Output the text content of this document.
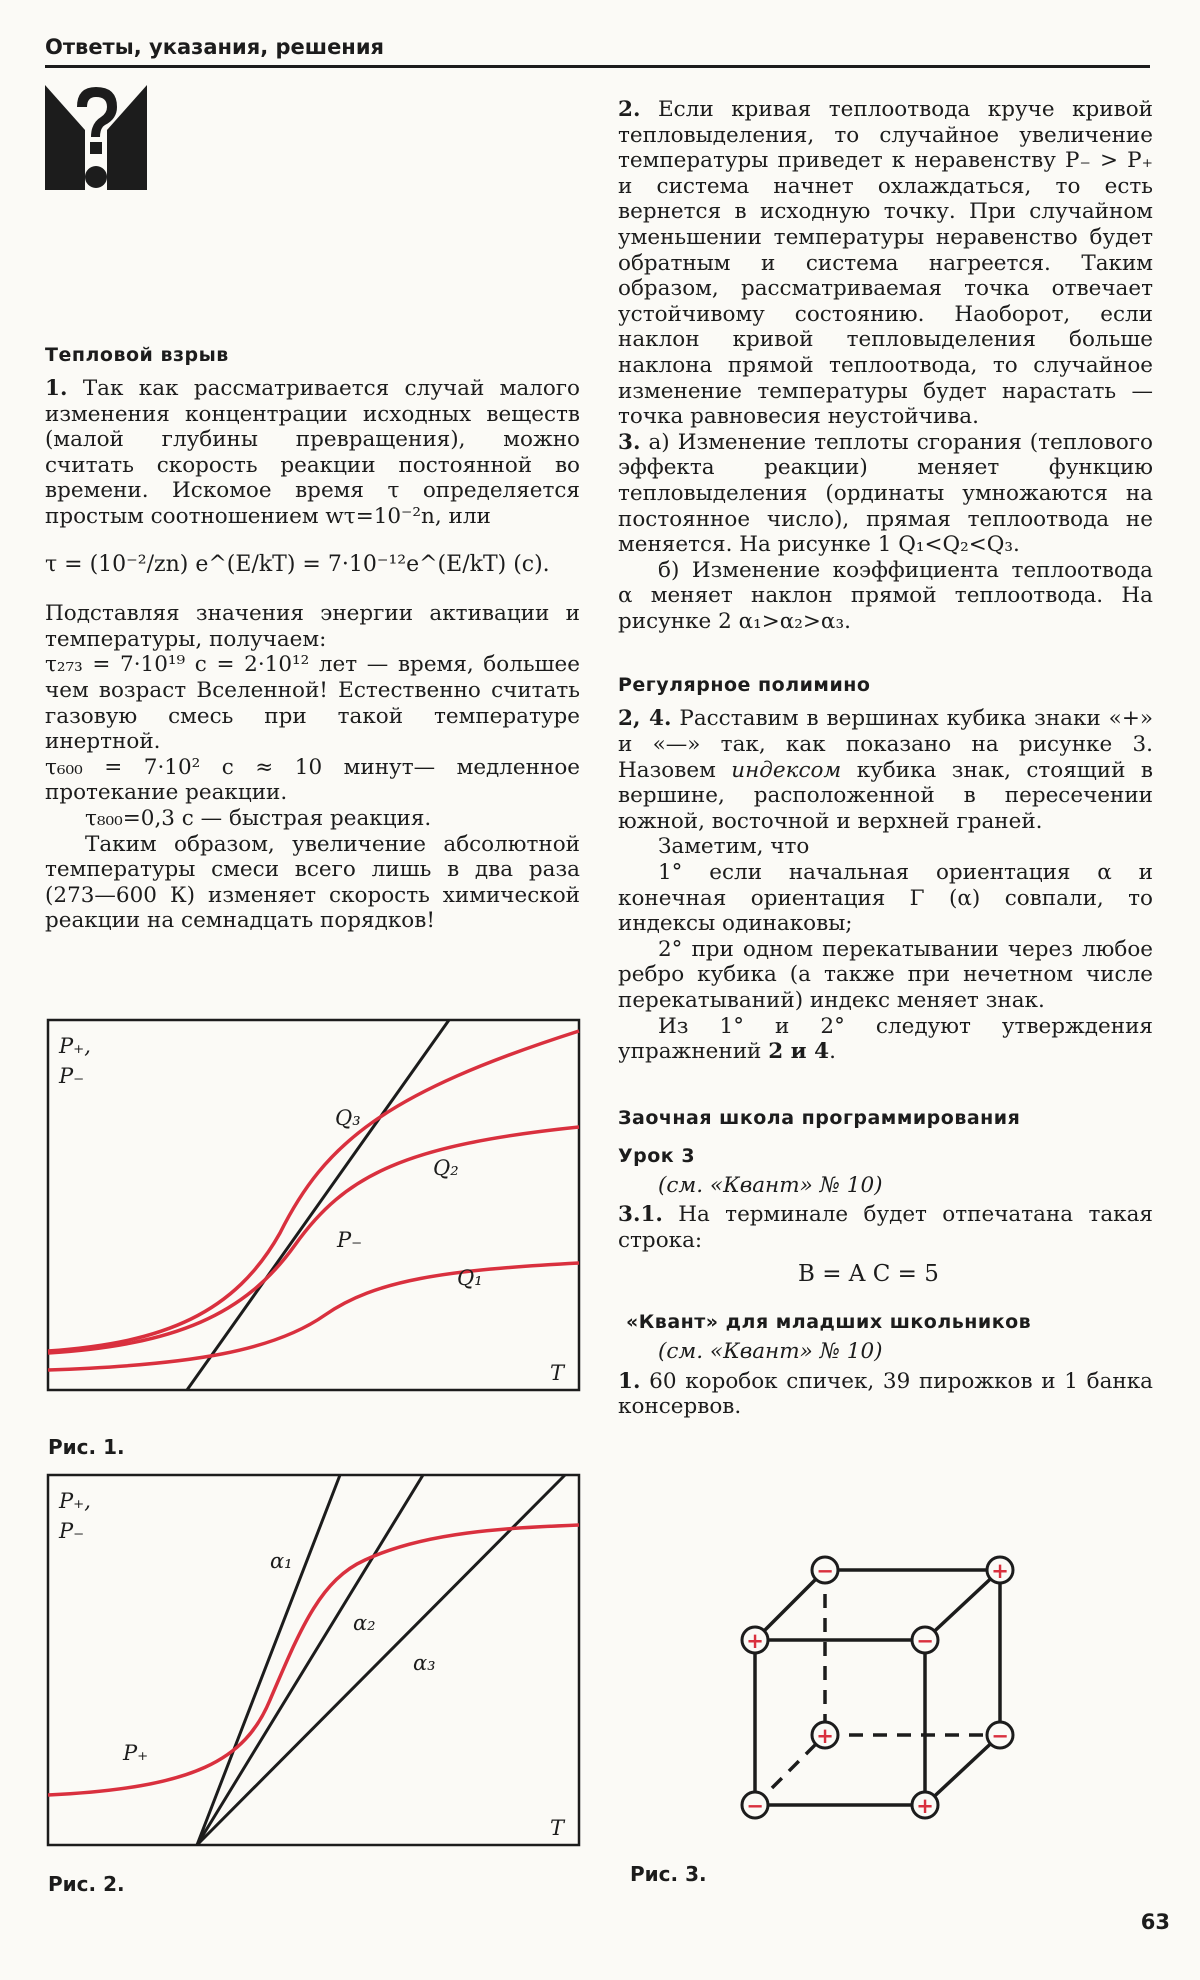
Ответы, указания, решения
Тепловой взрыв

1. Так как рассматривается случай малого изменения концентрации исходных веществ (малой глубины превращения), можно считать скорость реакции постоянной во времени. Искомое время τ определяется простым соотношением wτ=10⁻²n, или

τ = (10⁻²/zn) e^(E/kT) = 7·10⁻¹²e^(E/kT) (с).

Подставляя значения энергии активации и температуры, получаем:

τ₂₇₃ = 7·10¹⁹ с = 2·10¹² лет — время, большее чем возраст Вселенной! Естественно считать газовую смесь при такой температуре инертной.

τ₆₀₀ = 7·10² с ≈ 10 минут— медленное протекание реакции.

τ₈₀₀=0,3 с — быстрая реакция.

Таким образом, увеличение абсолютной температуры смеси всего лишь в два раза (273—600 К) изменяет скорость химической реакции на семнадцать порядков!

P₊,
P₋
T
Q₃
Q₂
P₋
Q₁
Рис. 1.
P₊,
P₋
T
α₁
α₂
α₃
P₊
Рис. 2.

2. Если кривая теплоотвода круче кривой тепловыделения, то случайное увеличение температуры приведет к неравенству P₋ > P₊ и система начнет охлаждаться, то есть вернется в исходную точку. При случайном уменьшении температуры неравенство будет обратным и система нагреется. Таким образом, рассматриваемая точка отвечает устойчивому состоянию. Наоборот, если наклон кривой тепловыделения больше наклона прямой теплоотвода, то случайное изменение температуры будет нарастать — точка равновесия неустойчива.

3. а) Изменение теплоты сгорания (теплового эффекта реакции) меняет функцию тепловыделения (ординаты умножаются на постоянное число), прямая теплоотвода не меняется. На рисунке 1 Q₁<Q₂<Q₃.

б) Изменение коэффициента теплоотвода α меняет наклон прямой теплоотвода. На рисунке 2 α₁>α₂>α₃.

Регулярное полимино

2, 4. Расставим в вершинах кубика знаки «+» и «—» так, как показано на рисунке 3. Назовем индексом кубика знак, стоящий в вершине, расположенной в пересечении южной, восточной и верхней граней.

Заметим, что

1° если начальная ориентация α и конечная ориентация Γ (α) совпали, то индексы одинаковы;

2° при одном перекатывании через любое ребро кубика (а также при нечетном числе перекатываний) индекс меняет знак.

Из 1° и 2° следуют утверждения упражнений 2 и 4.

Заочная школа программирования
Урок 3

(см. «Квант» № 10)

3.1. На терминале будет отпечатана такая строка:

B = A C = 5

«Квант» для младших школьников

(см. «Квант» № 10)

1. 60 коробок спичек, 39 пирожков и 1 банка консервов.

−	+
+	−
+	−
−	+
Рис. 3.
63
